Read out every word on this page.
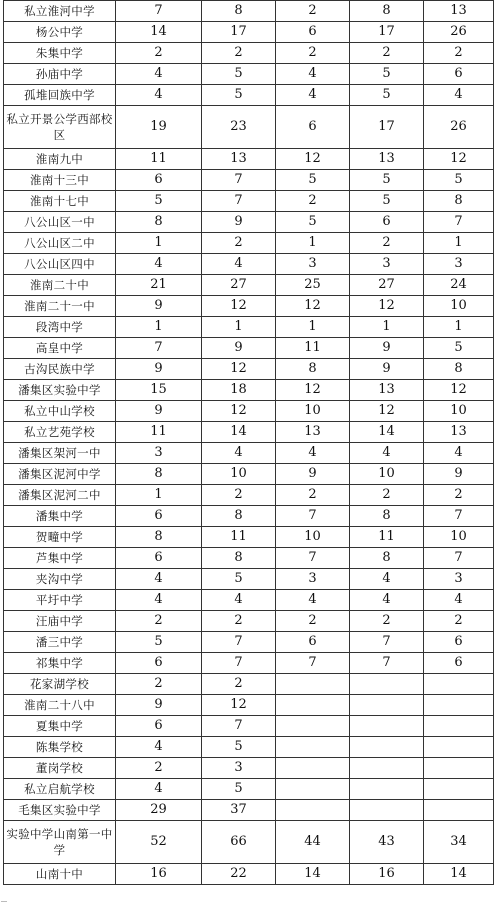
私立淮河中学	7	8	2	8	13
杨公中学	14	17	6	17	26
朱集中学	2	2	2	2	2
孙庙中学	4	5	4	5	6
孤堆回族中学	4	5	4	5	4
私立开景公学西部校区	19	23	6	17	26
淮南九中	11	13	12	13	12
淮南十三中	6	7	5	5	5
淮南十七中	5	7	2	5	8
八公山区一中	8	9	5	6	7
八公山区二中	1	2	1	2	1
八公山区四中	4	4	3	3	3
淮南二十中	21	27	25	27	24
淮南二十一中	9	12	12	12	10
段湾中学	1	1	1	1	1
高皇中学	7	9	11	9	5
古沟民族中学	9	12	8	9	8
潘集区实验中学	15	18	12	13	12
私立中山学校	9	12	10	12	10
私立艺苑学校	11	14	13	14	13
潘集区架河一中	3	4	4	4	4
潘集区泥河中学	8	10	9	10	9
潘集区泥河二中	1	2	2	2	2
潘集中学	6	8	7	8	7
贺疃中学	8	11	10	11	10
芦集中学	6	8	7	8	7
夹沟中学	4	5	3	4	3
平圩中学	4	4	4	4	4
汪庙中学	2	2	2	2	2
潘三中学	5	7	6	7	6
祁集中学	6	7	7	7	6
花家湖学校	2	2			
淮南二十八中	9	12			
夏集中学	6	7			
陈集学校	4	5			
董岗学校	2	3			
私立启航学校	4	5			
毛集区实验中学	29	37			
实验中学山南第一中学	52	66	44	43	34
山南十中	16	22	14	16	14
